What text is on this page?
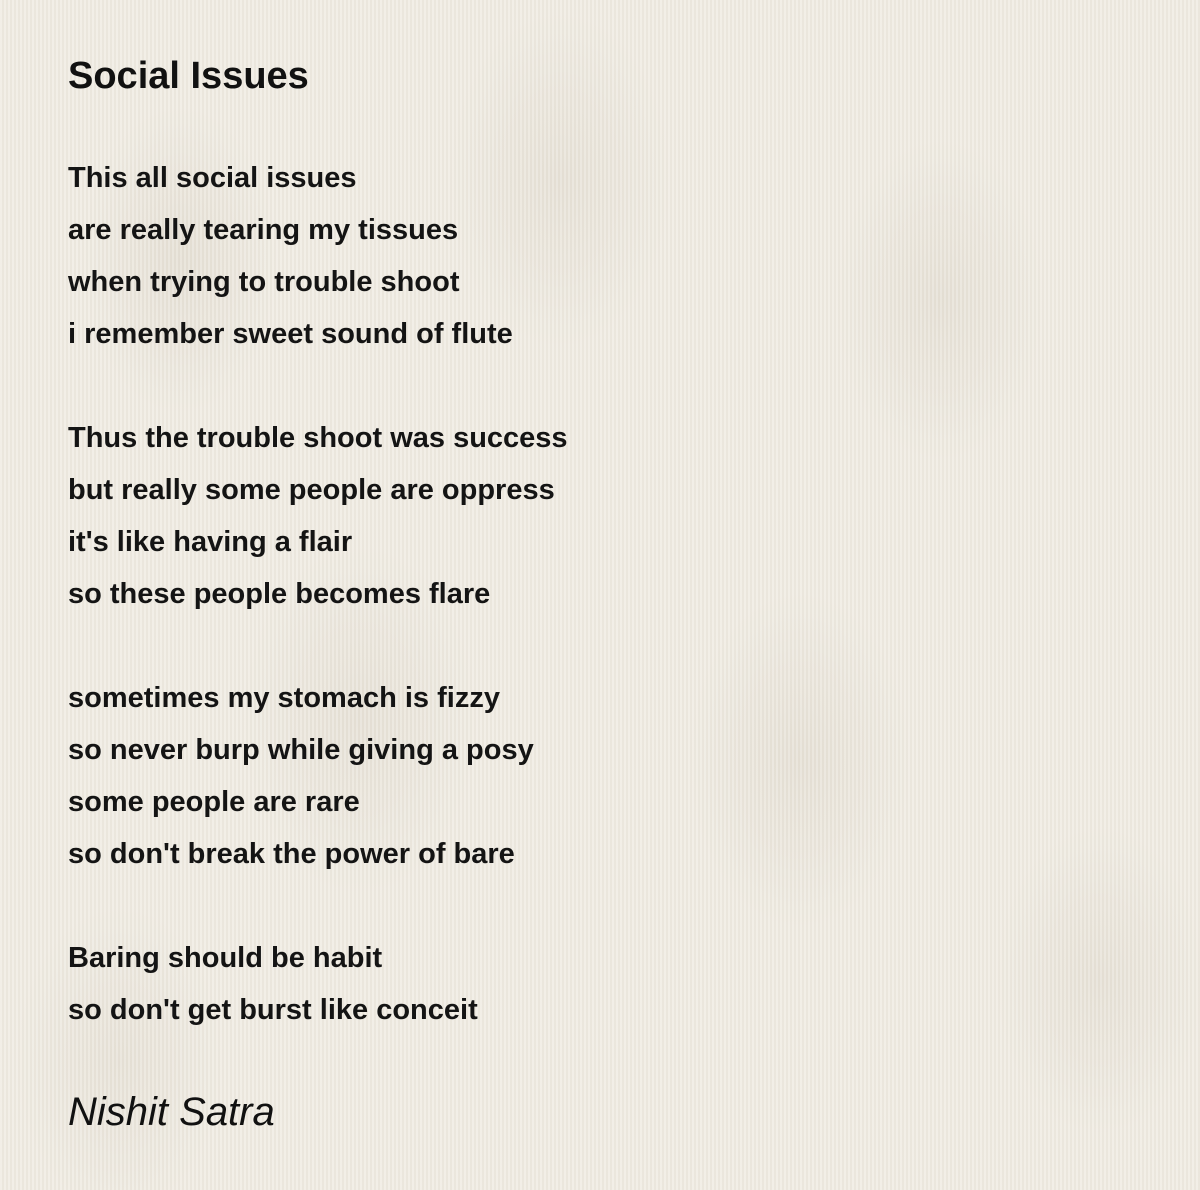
Social Issues
This all social issues
are really tearing my tissues
when trying to trouble shoot
i remember sweet sound of flute
Thus the trouble shoot was success
but really some people are oppress
it's like having a flair
so these people becomes flare
sometimes my stomach is fizzy
so never burp while giving a posy
some people are rare
so don't break the power of bare
Baring should be habit
so don't get burst like conceit
Nishit Satra
